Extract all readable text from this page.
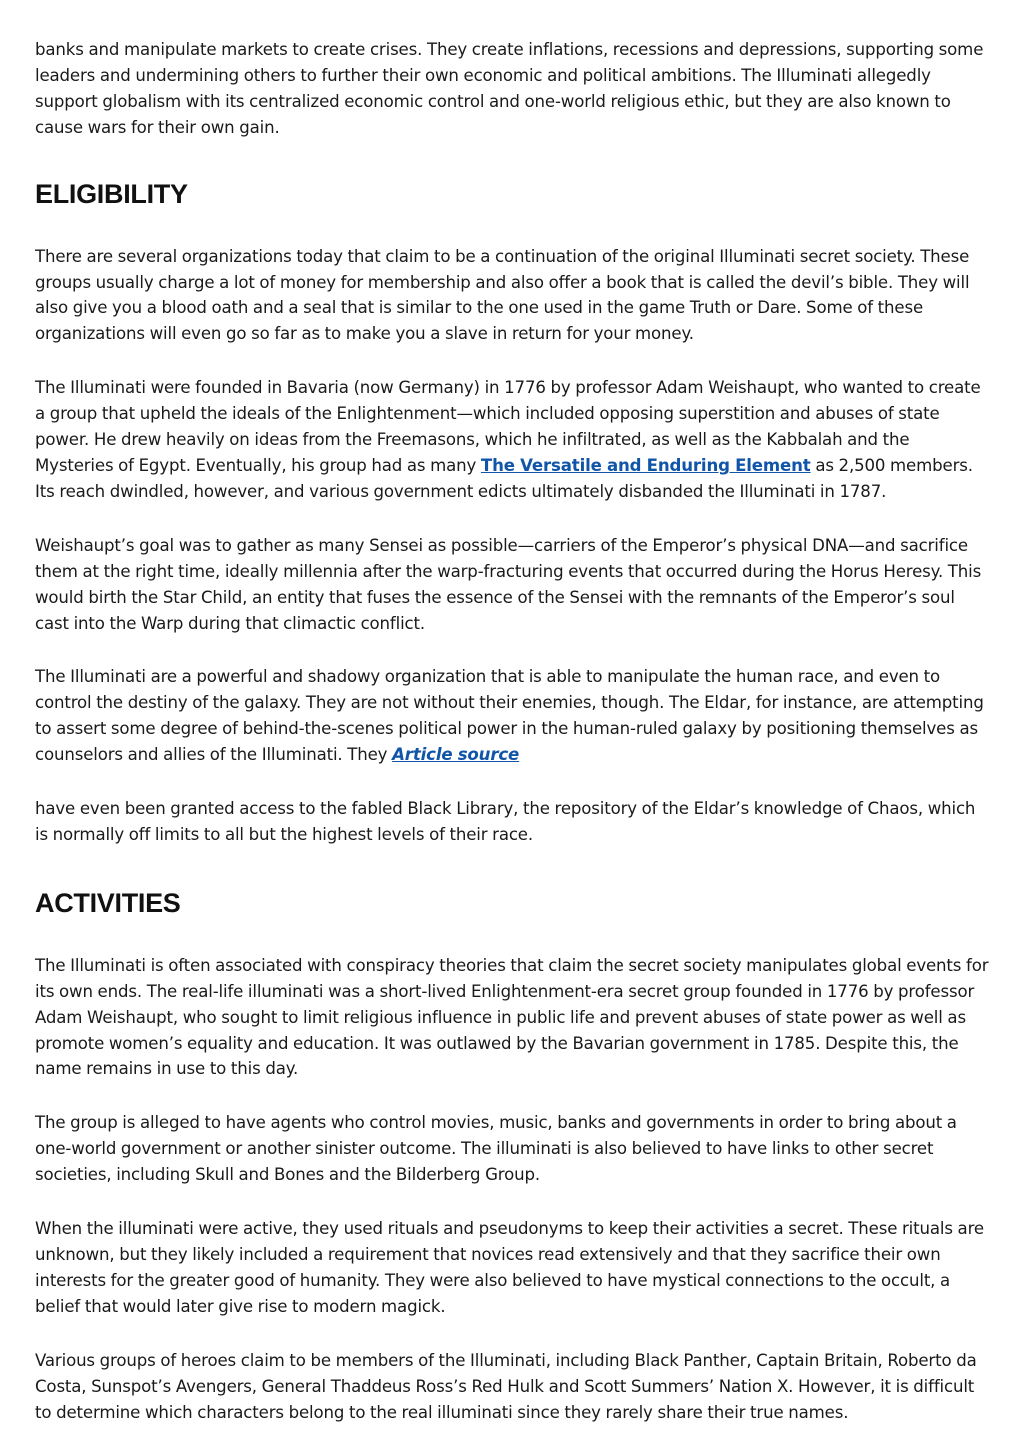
banks and manipulate markets to create crises. They create inflations, recessions and depressions, supporting some leaders and undermining others to further their own economic and political ambitions. The Illuminati allegedly support globalism with its centralized economic control and one-world religious ethic, but they are also known to cause wars for their own gain.

ELIGIBILITY

There are several organizations today that claim to be a continuation of the original Illuminati secret society. These groups usually charge a lot of money for membership and also offer a book that is called the devil’s bible. They will also give you a blood oath and a seal that is similar to the one used in the game Truth or Dare. Some of these organizations will even go so far as to make you a slave in return for your money.

The Illuminati were founded in Bavaria (now Germany) in 1776 by professor Adam Weishaupt, who wanted to create a group that upheld the ideals of the Enlightenment—which included opposing superstition and abuses of state power. He drew heavily on ideas from the Freemasons, which he infiltrated, as well as the Kabbalah and the Mysteries of Egypt. Eventually, his group had as many The Versatile and Enduring Element as 2,500 members. Its reach dwindled, however, and various government edicts ultimately disbanded the Illuminati in 1787.

Weishaupt’s goal was to gather as many Sensei as possible—carriers of the Emperor’s physical DNA—and sacrifice them at the right time, ideally millennia after the warp-fracturing events that occurred during the Horus Heresy. This would birth the Star Child, an entity that fuses the essence of the Sensei with the remnants of the Emperor’s soul cast into the Warp during that climactic conflict.

The Illuminati are a powerful and shadowy organization that is able to manipulate the human race, and even to control the destiny of the galaxy. They are not without their enemies, though. The Eldar, for instance, are attempting to assert some degree of behind-the-scenes political power in the human-ruled galaxy by positioning themselves as counselors and allies of the Illuminati. They Article source

have even been granted access to the fabled Black Library, the repository of the Eldar’s knowledge of Chaos, which is normally off limits to all but the highest levels of their race.

ACTIVITIES

The Illuminati is often associated with conspiracy theories that claim the secret society manipulates global events for its own ends. The real-life illuminati was a short-lived Enlightenment-era secret group founded in 1776 by professor Adam Weishaupt, who sought to limit religious influence in public life and prevent abuses of state power as well as promote women’s equality and education. It was outlawed by the Bavarian government in 1785. Despite this, the name remains in use to this day.

The group is alleged to have agents who control movies, music, banks and governments in order to bring about a one-world government or another sinister outcome. The illuminati is also believed to have links to other secret societies, including Skull and Bones and the Bilderberg Group.

When the illuminati were active, they used rituals and pseudonyms to keep their activities a secret. These rituals are unknown, but they likely included a requirement that novices read extensively and that they sacrifice their own interests for the greater good of humanity. They were also believed to have mystical connections to the occult, a belief that would later give rise to modern magick.

Various groups of heroes claim to be members of the Illuminati, including Black Panther, Captain Britain, Roberto da Costa, Sunspot’s Avengers, General Thaddeus Ross’s Red Hulk and Scott Summers’ Nation X. However, it is difficult to determine which characters belong to the real illuminati since they rarely share their true names.
